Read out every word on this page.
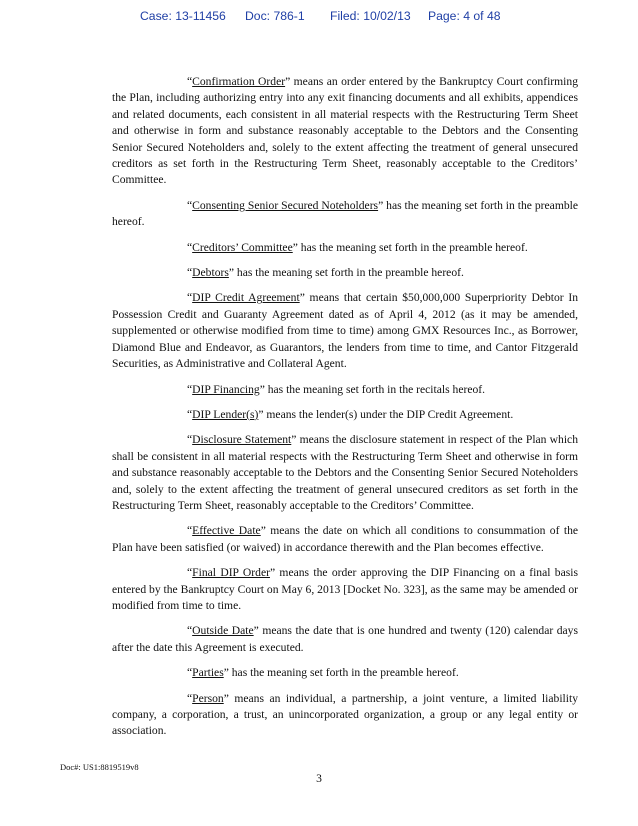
Case: 13-11456 Doc: 786-1 Filed: 10/02/13 Page: 4 of 48

“Confirmation Order” means an order entered by the Bankruptcy Court confirming the Plan, including authorizing entry into any exit financing documents and all exhibits, appendices and related documents, each consistent in all material respects with the Restructuring Term Sheet and otherwise in form and substance reasonably acceptable to the Debtors and the Consenting Senior Secured Noteholders and, solely to the extent affecting the treatment of general unsecured creditors as set forth in the Restructuring Term Sheet, reasonably acceptable to the Creditors’ Committee.

“Consenting Senior Secured Noteholders” has the meaning set forth in the preamble hereof.

“Creditors’ Committee” has the meaning set forth in the preamble hereof.

“Debtors” has the meaning set forth in the preamble hereof.

“DIP Credit Agreement” means that certain $50,000,000 Superpriority Debtor In Possession Credit and Guaranty Agreement dated as of April 4, 2012 (as it may be amended, supplemented or otherwise modified from time to time) among GMX Resources Inc., as Borrower, Diamond Blue and Endeavor, as Guarantors, the lenders from time to time, and Cantor Fitzgerald Securities, as Administrative and Collateral Agent.

“DIP Financing” has the meaning set forth in the recitals hereof.

“DIP Lender(s)” means the lender(s) under the DIP Credit Agreement.

“Disclosure Statement” means the disclosure statement in respect of the Plan which shall be consistent in all material respects with the Restructuring Term Sheet and otherwise in form and substance reasonably acceptable to the Debtors and the Consenting Senior Secured Noteholders and, solely to the extent affecting the treatment of general unsecured creditors as set forth in the Restructuring Term Sheet, reasonably acceptable to the Creditors’ Committee.

“Effective Date” means the date on which all conditions to consummation of the Plan have been satisfied (or waived) in accordance therewith and the Plan becomes effective.

“Final DIP Order” means the order approving the DIP Financing on a final basis entered by the Bankruptcy Court on May 6, 2013 [Docket No. 323], as the same may be amended or modified from time to time.

“Outside Date” means the date that is one hundred and twenty (120) calendar days after the date this Agreement is executed.

“Parties” has the meaning set forth in the preamble hereof.

“Person” means an individual, a partnership, a joint venture, a limited liability company, a corporation, a trust, an unincorporated organization, a group or any legal entity or association.

Doc#: US1:8819519v8
3
